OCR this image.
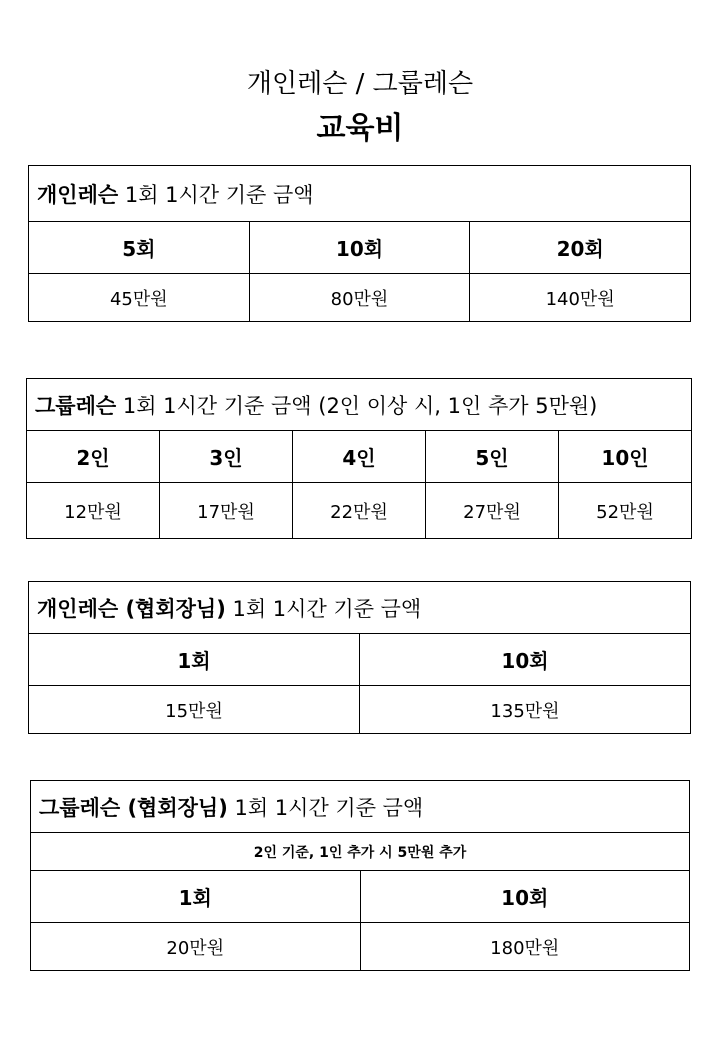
개인레슨 / 그룹레슨
교육비
개인레슨 1회 1시간 기준 금액		
5회	10회	20회
45만원	80만원	140만원
그룹레슨 1회 1시간 기준 금액 (2인 이상 시, 1인 추가 5만원)				
2인	3인	4인	5인	10인
12만원	17만원	22만원	27만원	52만원
개인레슨 (협회장님) 1회 1시간 기준 금액	
1회	10회
15만원	135만원
그룹레슨 (협회장님) 1회 1시간 기준 금액	
2인 기준, 1인 추가 시 5만원 추가	
1회	10회
20만원	180만원
